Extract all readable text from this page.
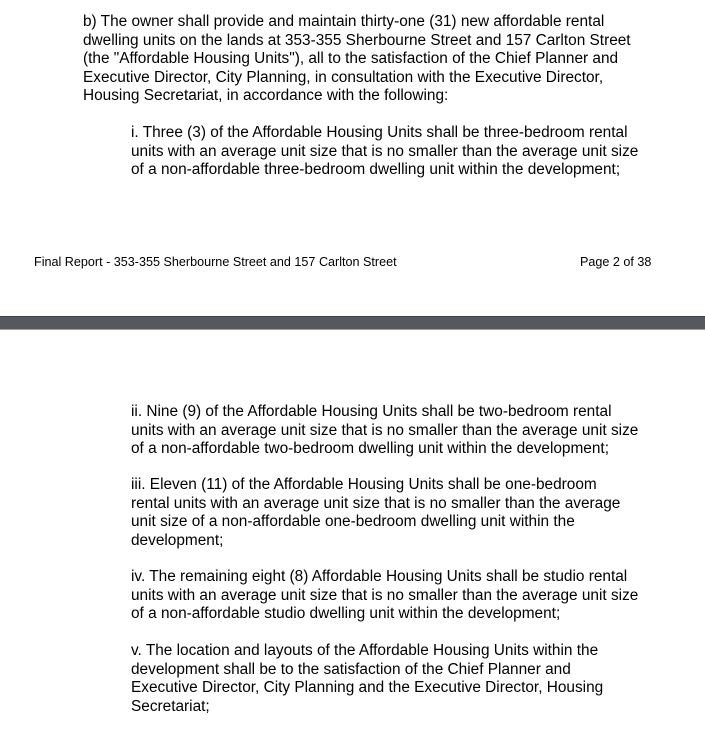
b) The owner shall provide and maintain thirty-one (31) new affordable rental
dwelling units on the lands at 353-355 Sherbourne Street and 157 Carlton Street
(the "Affordable Housing Units"), all to the satisfaction of the Chief Planner and
Executive Director, City Planning, in consultation with the Executive Director,
Housing Secretariat, in accordance with the following:

i. Three (3) of the Affordable Housing Units shall be three-bedroom rental
units with an average unit size that is no smaller than the average unit size
of a non-affordable three-bedroom dwelling unit within the development;

Final Report - 353-355 Sherbourne Street and 157 Carlton Street	Page 2 of 38

ii. Nine (9) of the Affordable Housing Units shall be two-bedroom rental
units with an average unit size that is no smaller than the average unit size
of a non-affordable two-bedroom dwelling unit within the development;

iii. Eleven (11) of the Affordable Housing Units shall be one-bedroom
rental units with an average unit size that is no smaller than the average
unit size of a non-affordable one-bedroom dwelling unit within the
development;

iv. The remaining eight (8) Affordable Housing Units shall be studio rental
units with an average unit size that is no smaller than the average unit size
of a non-affordable studio dwelling unit within the development;

v. The location and layouts of the Affordable Housing Units within the
development shall be to the satisfaction of the Chief Planner and
Executive Director, City Planning and the Executive Director, Housing
Secretariat;
